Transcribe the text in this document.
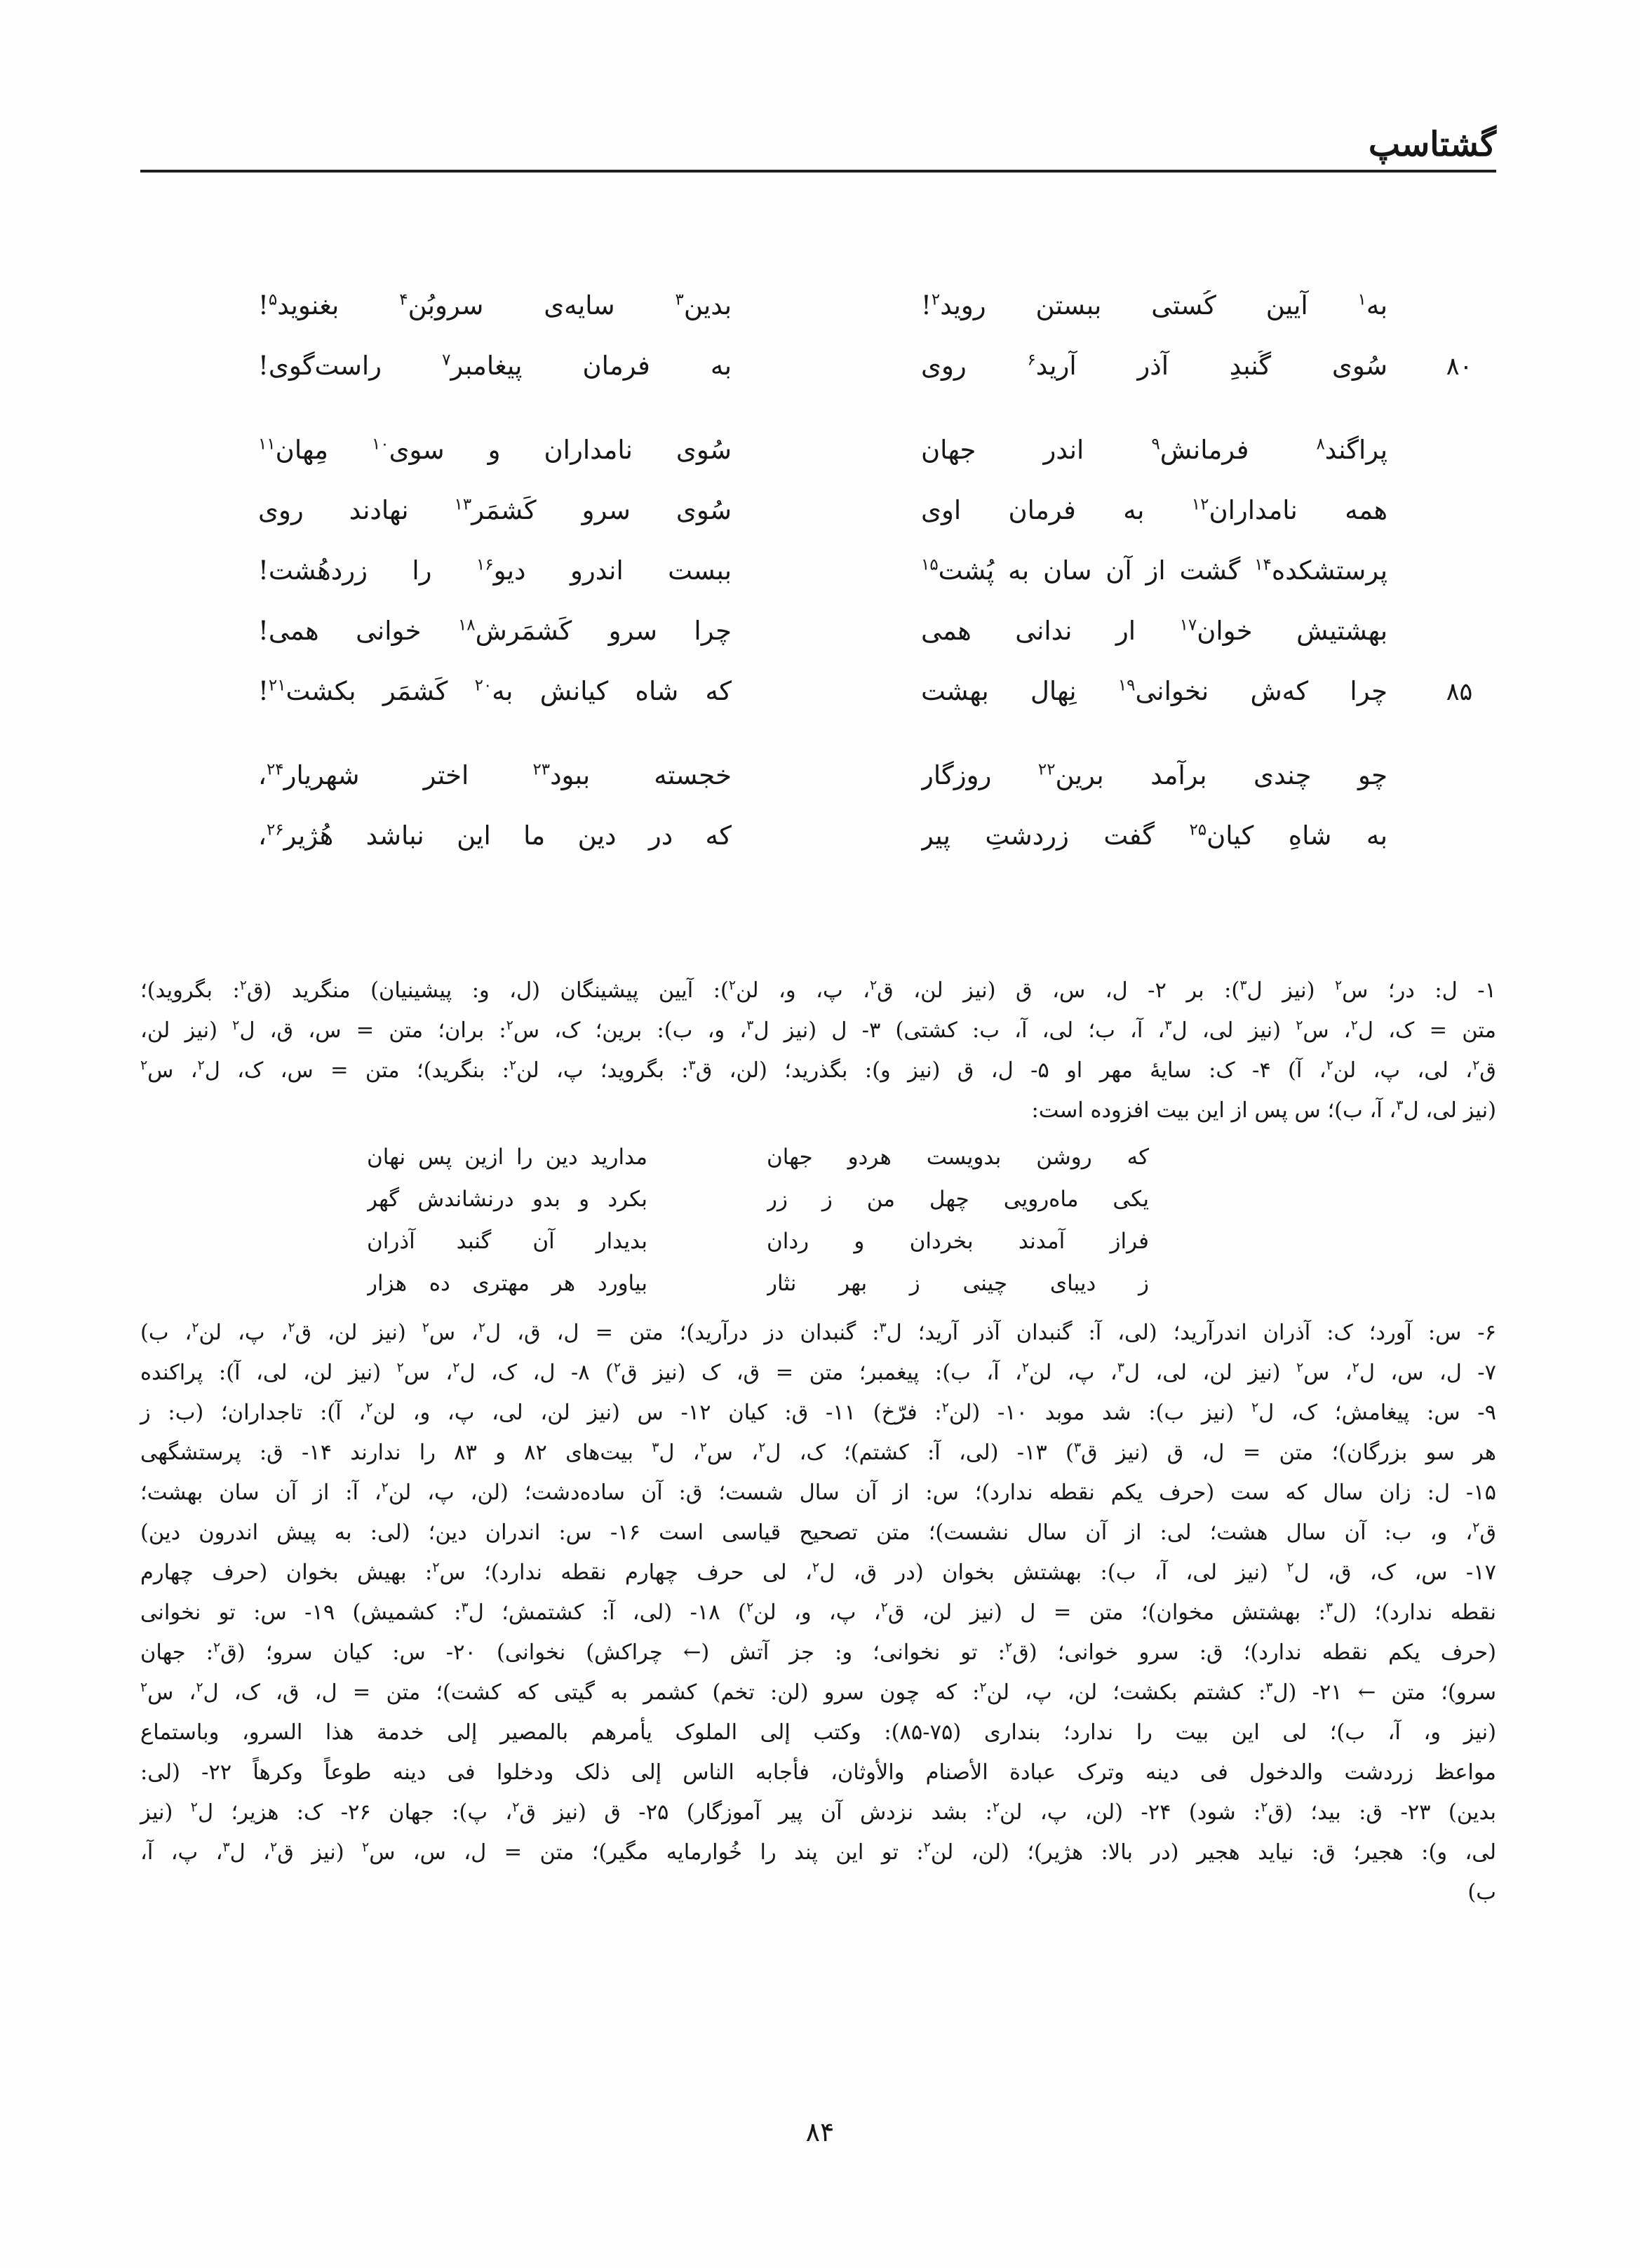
گشتاسپ
به$^۱$ آیینِ کُستی ببستن روید$^۲$!
بدین$^۳$ سایه‌ی سروبُن$^۴$ بغنوید$^۵$!
۸۰
سُوی گُنبدِ آذر آرید$^۶$ روی
به فرمان پیغامبرِ$^۷$ راست‌گوی!
پراگند$^۸$ فرمانش$^۹$ اندر جهان
سُوی نامداران و سوی$^{۱۰}$ مِهان$^{۱۱}$
همه نامداران$^{۱۲}$ به فرمانِ اوی
سُوی سروِ کَشمَر$^{۱۳}$ نهادند روی
پرستشکده$^{۱۴}$ گشت از آن سان به پُشت$^{۱۵}$
ببست اندرو دیو$^{۱۶}$ را زردهُشت!
بهشتیش خوان$^{۱۷}$ ار ندانی همی
چرا سروِ کَشمَرش$^{۱۸}$ خوانی همی!
۸۵
چرا که‌ش نخوانی$^{۱۹}$ نِهالِ بهشت
که شاه کیانش به$^{۲۰}$ کَشمَر بکشت$^{۲۱}$!
چو چندی برآمد برین$^{۲۲}$ روزگار
خجسته ببود$^{۲۳}$ اخترِ شهریار$^{۲۴}$،
به شاهِ کیان$^{۲۵}$ گفت زردشتِ پیر
که در دینِ ما این نباشد هُژیر$^{۲۶}$،
۱- ل: در؛ س$^۲$ (نیز ل$^۳$): بر ۲- ل، س، ق (نیز لن، ق$^۲$، پ، و، لن$^۲$): آیین پیشینگان (ل، و: پیشینیان) منگرید (ق$^۲$: بگروید)؛
متن = ک، ل$^۲$، س$^۲$ (نیز لی، ل$^۳$، آ، ب؛ لی، آ، ب: کشتی) ۳- ل (نیز ل$^۳$، و، ب): برین؛ ک، س$^۲$: بران؛ متن = س، ق، ل$^۲$ (نیز لن،
ق$^۲$، لی، پ، لن$^۲$، آ) ۴- ک: سایهٔ مهر او ۵- ل، ق (نیز و): بگذرید؛ (لن، ق$^۳$: بگروید؛ پ، لن$^۲$: بنگرید)؛ متن = س، ک، ل$^۲$، س$^۲$
(نیز لی، ل$^۳$، آ، ب)؛ س پس از این بیت افزوده است:
که روشن بدویست هردو جهان
مدارید دین را ازین پس نهان
یکی ماه‌رویی چهل من ز زر
بکرد و بدو درنشاندش گهر
فراز آمدند بخردان و ردان
بدیدار آن گنبد آذران
ز دیبای چینی ز بهر نثار
بیاورد هر مهتری ده هزار
۶- س: آورد؛ ک: آذران اندرآرید؛ (لی، آ: گنبدان آذر آرید؛ ل$^۳$: گنبدان دز درآرید)؛ متن = ل، ق، ل$^۲$، س$^۲$ (نیز لن، ق$^۲$، پ، لن$^۲$، ب)
۷- ل، س، ل$^۲$، س$^۲$ (نیز لن، لی، ل$^۳$، پ، لن$^۲$، آ، ب): پیغمبر؛ متن = ق، ک (نیز ق$^۲$) ۸- ل، ک، ل$^۲$، س$^۲$ (نیز لن، لی، آ): پراکنده
۹- س: پیغامش؛ ک، ل$^۲$ (نیز ب): شد موبد ۱۰- (لن$^۲$: فرّخ) ۱۱- ق: کیان ۱۲- س (نیز لن، لی، پ، و، لن$^۲$، آ): تاجداران؛ (ب: ز
هر سو بزرگان)؛ متن = ل، ق (نیز ق$^۳$) ۱۳- (لی، آ: کشتم)؛ ک، ل$^۲$، س$^۲$، ل$^۳$ بیت‌های ۸۲ و ۸۳ را ندارند ۱۴- ق: پرستشگهی
۱۵- ل: زان سال که ست (حرف یکم نقطه ندارد)؛ س: از آن سال شست؛ ق: آن ساده‌دشت؛ (لن، پ، لن$^۲$، آ: از آن سان بهشت؛
ق$^۲$، و، ب: آن سال هشت؛ لی: از آن سال نشست)؛ متن تصحیح قیاسی است ۱۶- س: اندران دین؛ (لی: به پیش اندرون دین)
۱۷- س، ک، ق، ل$^۲$ (نیز لی، آ، ب): بهشتش بخوان (در ق، ل$^۲$، لی حرف چهارم نقطه ندارد)؛ س$^۲$: بهیش بخوان (حرف چهارم
نقطه ندارد)؛ (ل$^۳$: بهشتش مخوان)؛ متن = ل (نیز لن، ق$^۲$، پ، و، لن$^۲$) ۱۸- (لی، آ: کشتمش؛ ل$^۳$: کشمیش) ۱۹- س: تو نخوانی
(حرف یکم نقطه ندارد)؛ ق: سرو خوانی؛ (ق$^۲$: تو نخوانی؛ و: جز آتش (← چراکش) نخوانی) ۲۰- س: کیان سرو؛ (ق$^۲$: جهان
سرو)؛ متن ← ۲۱- (ل$^۳$: کشتم بکشت؛ لن، پ، لن$^۲$: که چون سرو (لن: تخم) کشمر به گیتی که کشت)؛ متن = ل، ق، ک، ل$^۲$، س$^۲$
(نیز و، آ، ب)؛ لی این بیت را ندارد؛ بنداری (۷۵-۸۵): وکتب إلی الملوک یأمرهم بالمصیر إلی خدمة هذا السرو، وباستماع
مواعظ زردشت والدخول فی دینه وترک عبادة الأصنام والأوثان، فأجابه الناس إلی ذلک ودخلوا فی دینه طوعاً وکرهاً ۲۲- (لی:
بدین) ۲۳- ق: بید؛ (ق$^۲$: شود) ۲۴- (لن، پ، لن$^۲$: بشد نزدش آن پیر آموزگار) ۲۵- ق (نیز ق$^۲$، پ): جهان ۲۶- ک: هزیر؛ ل$^۲$ (نیز
لی، و): هجیر؛ ق: نیاید هجیر (در بالا: هژیر)؛ (لن، لن$^۲$: تو این پند را خُوارمایه مگیر)؛ متن = ل، س، س$^۲$ (نیز ق$^۲$، ل$^۳$، پ، آ،
ب)
۸۴
